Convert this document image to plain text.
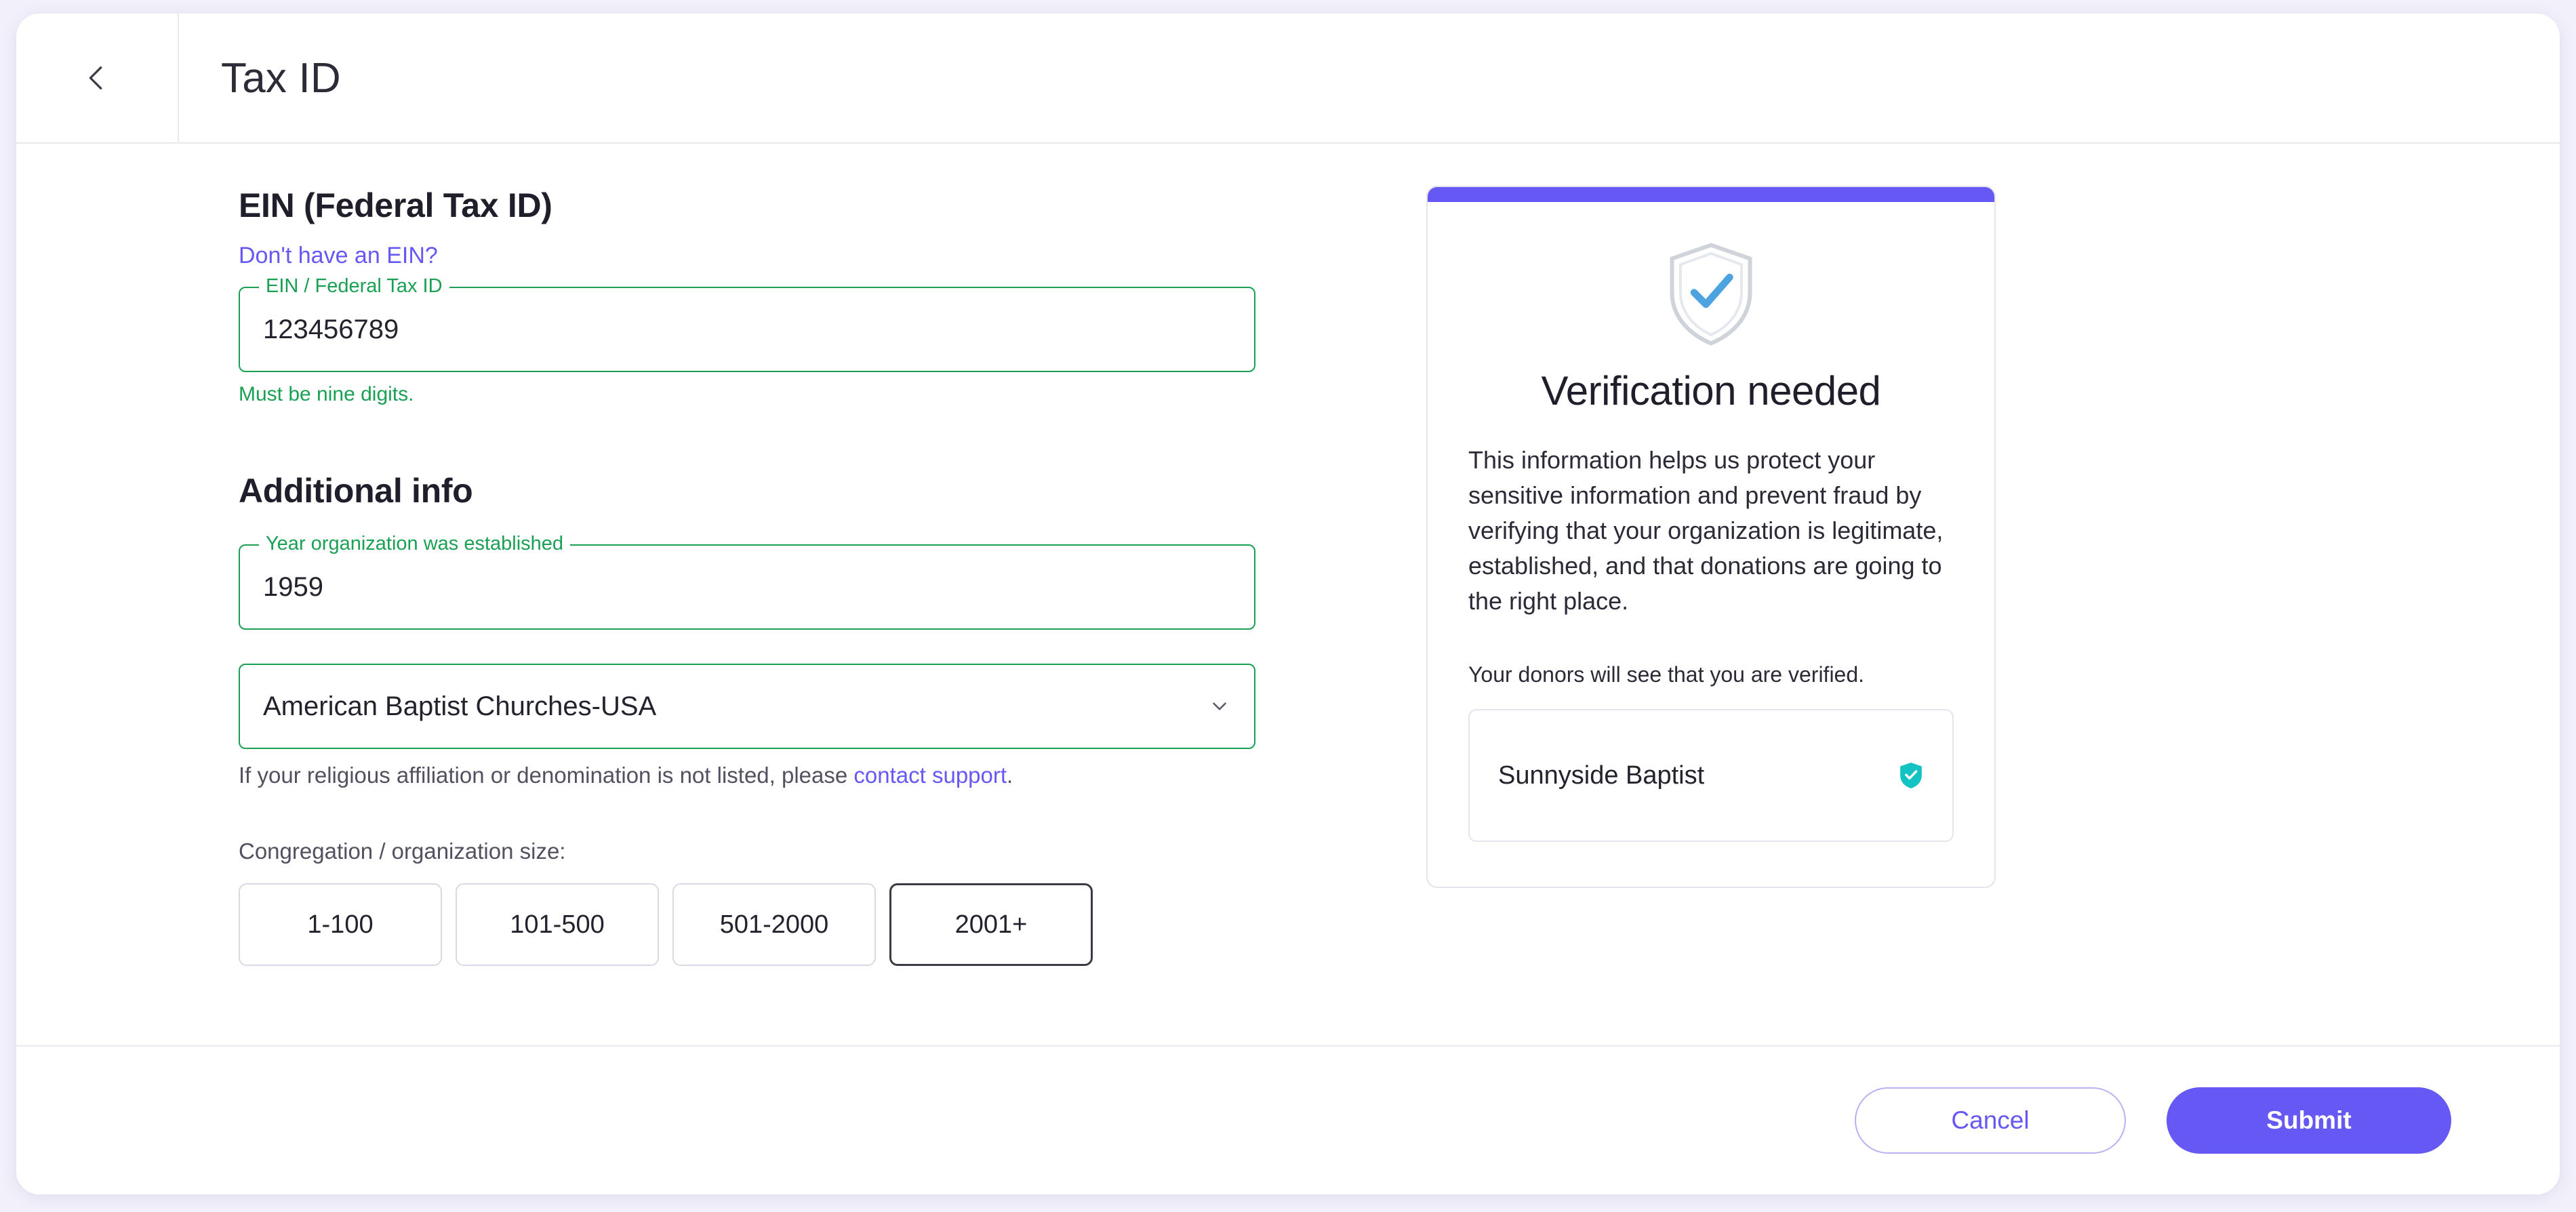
Tax ID
EIN (Federal Tax ID)
Don't have an EIN?
EIN / Federal Tax ID
123456789
Must be nine digits.
Additional info
Year organization was established
1959
American Baptist Churches-USA
If your religious affiliation or denomination is not listed, please contact support.
Congregation / organization size:
1-100	101-500	501-2000	2001+
Verification needed

This information helps us protect your sensitive information and prevent fraud by verifying that your organization is legitimate, established, and that donations are going to the right place.

Your donors will see that you are verified.
Sunnyside Baptist
Cancel	Submit
